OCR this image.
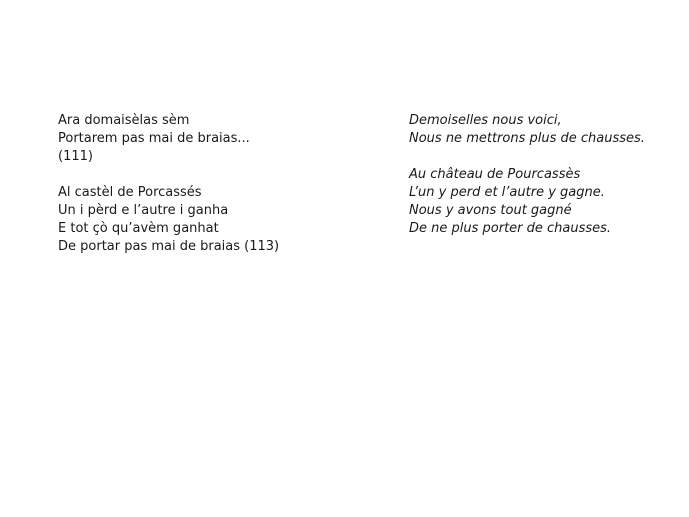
Ara domaisèlas sèm
Portarem pas mai de braias...
(111)
Al castèl de Porcassés
Un i pèrd e l’autre i ganha
E tot çò qu’avèm ganhat
De portar pas mai de braias (113)
Demoiselles nous voici,
Nous ne mettrons plus de chausses.
Au château de Pourcassès
L’un y perd et l’autre y gagne.
Nous y avons tout gagné
De ne plus porter de chausses.
